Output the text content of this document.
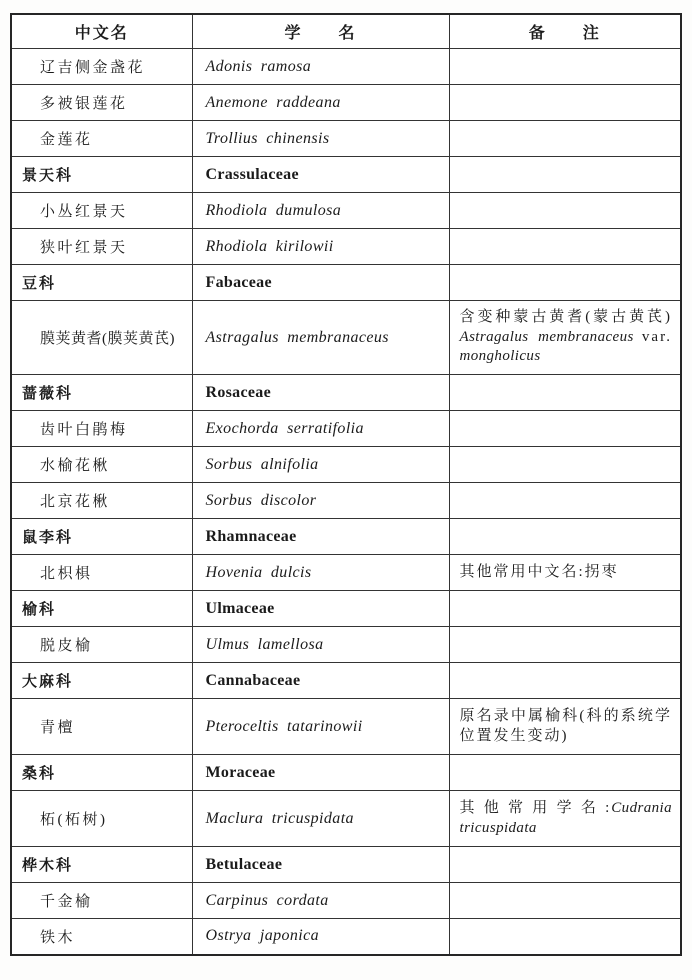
中文名	学　　名	备　　注
辽吉侧金盏花	Adonis ramosa	
多被银莲花	Anemone raddeana	
金莲花	Trollius chinensis	
景天科	Crassulaceae	
小丛红景天	Rhodiola dumulosa	
狭叶红景天	Rhodiola kirilowii	
豆科	Fabaceae	
膜荚黄耆(膜荚黄芪)	Astragalus membranaceus	含变种蒙古黄耆(蒙古黄芪) Astragalus membranaceus var. mongholicus
蔷薇科	Rosaceae	
齿叶白鹃梅	Exochorda serratifolia	
水榆花楸	Sorbus alnifolia	
北京花楸	Sorbus discolor	
鼠李科	Rhamnaceae	
北枳椇	Hovenia dulcis	其他常用中文名:拐枣
榆科	Ulmaceae	
脱皮榆	Ulmus lamellosa	
大麻科	Cannabaceae	
青檀	Pteroceltis tatarinowii	原名录中属榆科(科的系统学位置发生变动)
桑科	Moraceae	
柘(柘树)	Maclura tricuspidata	其他常用学名:Cudrania tricuspidata
桦木科	Betulaceae	
千金榆	Carpinus cordata	
铁木	Ostrya japonica	
